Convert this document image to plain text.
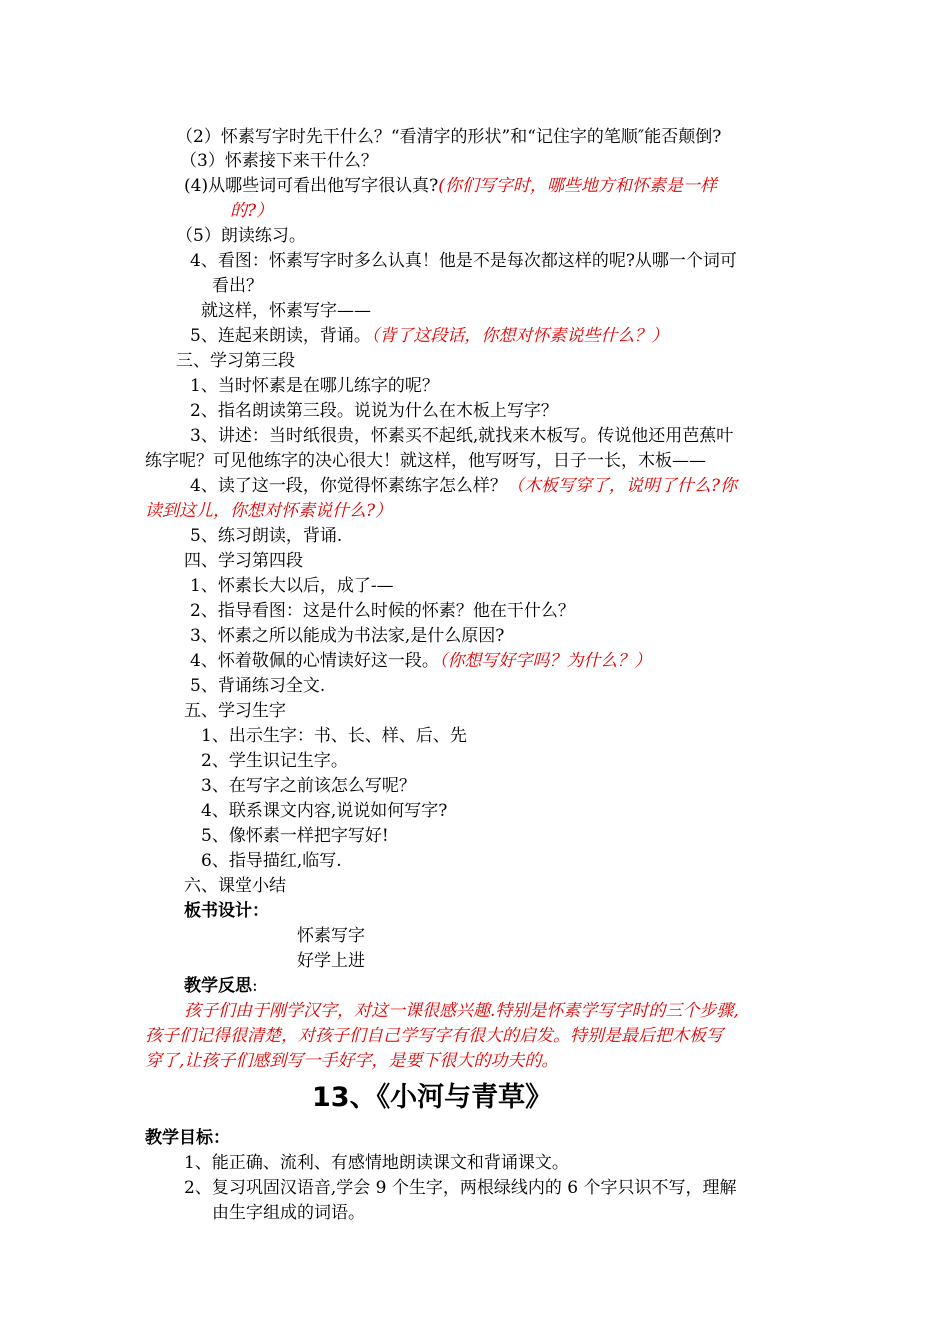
（2）怀素写字时先干什么？“看清字的形状”和“记住字的笔顺″能否颠倒?
（3）怀素接下来干什么？
(4)从哪些词可看出他写字很认真?(你们写字时，哪些地方和怀素是一样
的?）
（5）朗读练习。
4、看图：怀素写字时多么认真！他是不是每次都这样的呢?从哪一个词可
看出？
就这样，怀素写字——
5、连起来朗读，背诵。（背了这段话，你想对怀素说些什么？）
三、学习第三段
1、当时怀素是在哪儿练字的呢？
2、指名朗读第三段。说说为什么在木板上写字？
3、讲述：当时纸很贵，怀素买不起纸,就找来木板写。传说他还用芭蕉叶
练字呢？可见他练字的决心很大！就这样，他写呀写，日子一长，木板——
4、读了这一段，你觉得怀素练字怎么样？（木板写穿了，说明了什么?你
读到这儿，你想对怀素说什么?）
5、练习朗读，背诵.
四、学习第四段
1、怀素长大以后，成了-—
2、指导看图：这是什么时候的怀素？他在干什么？
3、怀素之所以能成为书法家,是什么原因?
4、怀着敬佩的心情读好这一段。（你想写好字吗？为什么？）
5、背诵练习全文.
五、学习生字
1、出示生字：书、长、样、后、先
2、学生识记生字。
3、在写字之前该怎么写呢？
4、联系课文内容,说说如何写字?
5、像怀素一样把字写好!
6、指导描红,临写.
六、课堂小结
板书设计：
怀素写字
好学上进
教学反思:
孩子们由于刚学汉字，对这一课很感兴趣.特别是怀素学写字时的三个步骤,
孩子们记得很清楚，对孩子们自己学写字有很大的启发。特别是最后把木板写
穿了,让孩子们感到写一手好字，是要下很大的功夫的。
13、《小河与青草》
教学目标：
1、能正确、流利、有感情地朗读课文和背诵课文。
2、复习巩固汉语音,学会 9 个生字，两根绿线内的 6 个字只识不写，理解
由生字组成的词语。
